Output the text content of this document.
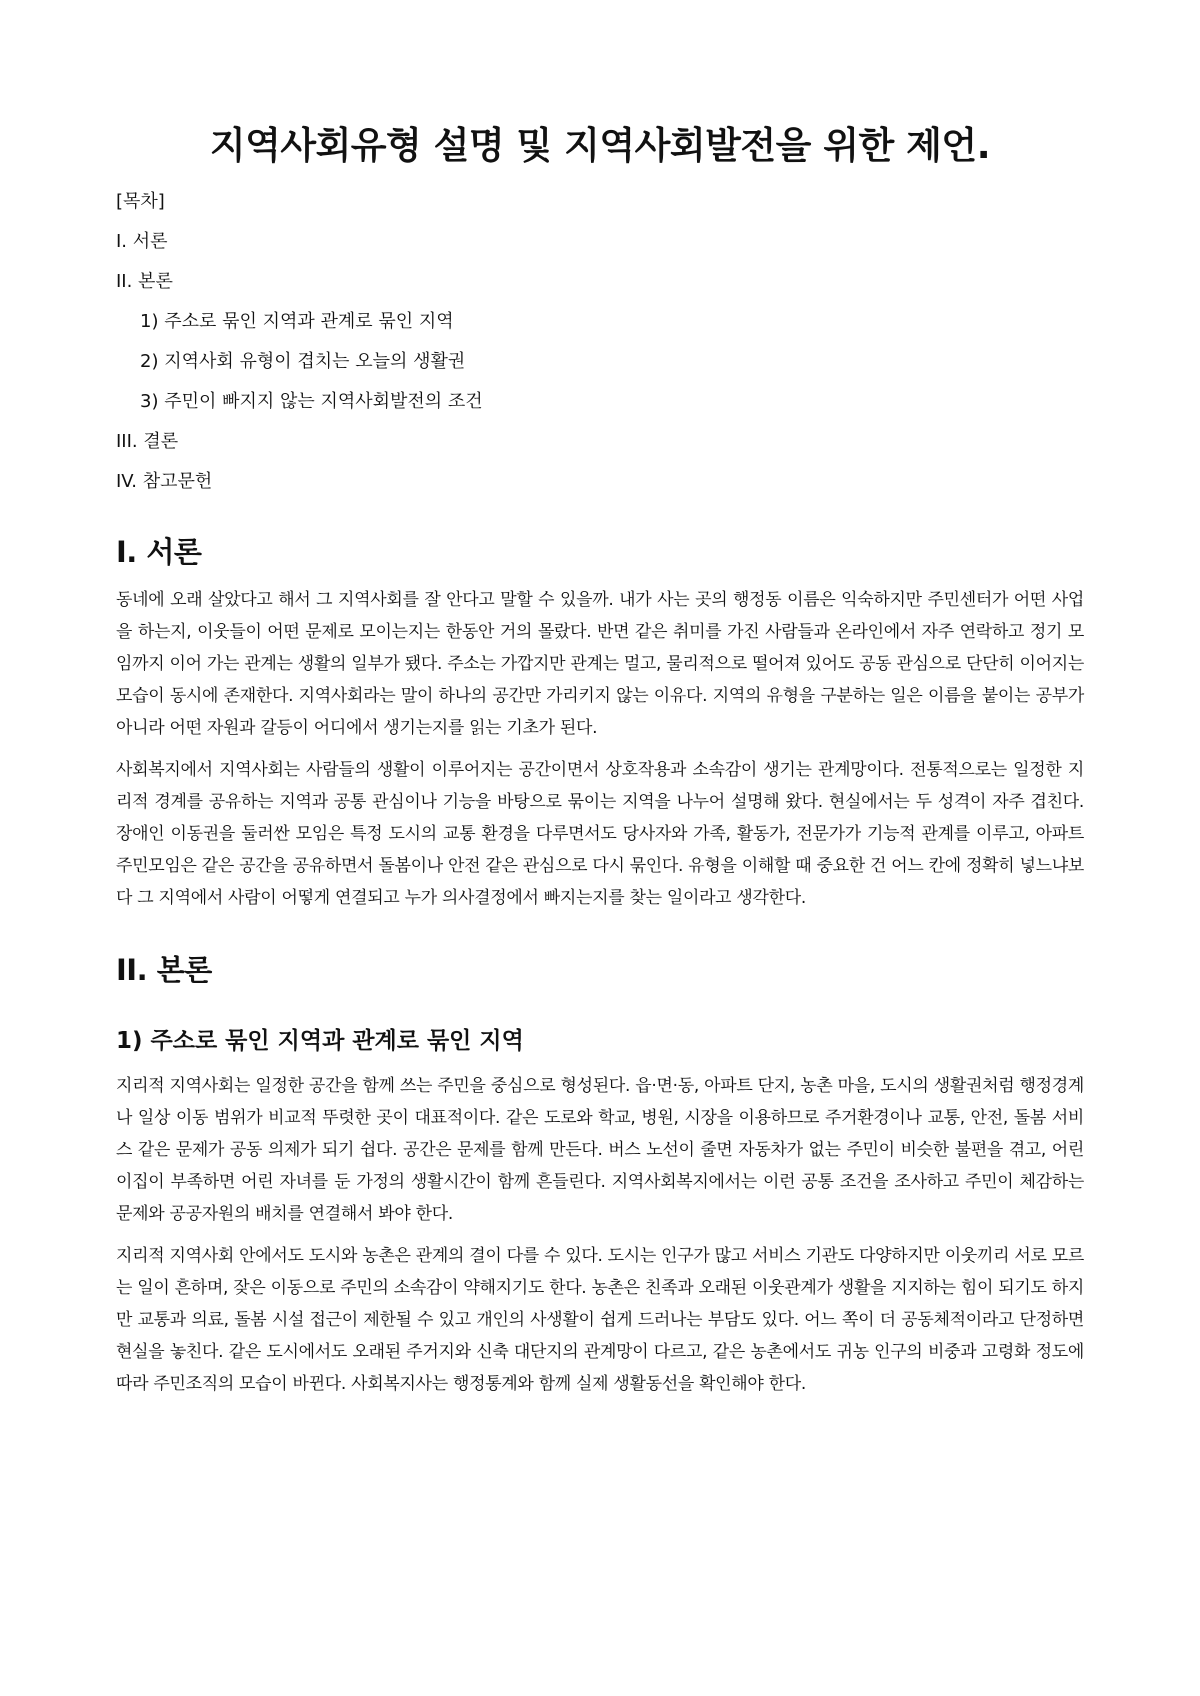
지역사회유형 설명 및 지역사회발전을 위한 제언.
[목차]
I. 서론
II. 본론
1) 주소로 묶인 지역과 관계로 묶인 지역
2) 지역사회 유형이 겹치는 오늘의 생활권
3) 주민이 빠지지 않는 지역사회발전의 조건
III. 결론
IV. 참고문헌
I. 서론

동네에 오래 살았다고 해서 그 지역사회를 잘 안다고 말할 수 있을까. 내가 사는 곳의 행정동 이름은 익숙하지만 주민센터가 어떤 사업을 하는지, 이웃들이 어떤 문제로 모이는지는 한동안 거의 몰랐다. 반면 같은 취미를 가진 사람들과 온라인에서 자주 연락하고 정기 모임까지 이어 가는 관계는 생활의 일부가 됐다. 주소는 가깝지만 관계는 멀고, 물리적으로 떨어져 있어도 공동 관심으로 단단히 이어지는 모습이 동시에 존재한다. 지역사회라는 말이 하나의 공간만 가리키지 않는 이유다. 지역의 유형을 구분하는 일은 이름을 붙이는 공부가 아니라 어떤 자원과 갈등이 어디에서 생기는지를 읽는 기초가 된다.

사회복지에서 지역사회는 사람들의 생활이 이루어지는 공간이면서 상호작용과 소속감이 생기는 관계망이다. 전통적으로는 일정한 지리적 경계를 공유하는 지역과 공통 관심이나 기능을 바탕으로 묶이는 지역을 나누어 설명해 왔다. 현실에서는 두 성격이 자주 겹친다. 장애인 이동권을 둘러싼 모임은 특정 도시의 교통 환경을 다루면서도 당사자와 가족, 활동가, 전문가가 기능적 관계를 이루고, 아파트 주민모임은 같은 공간을 공유하면서 돌봄이나 안전 같은 관심으로 다시 묶인다. 유형을 이해할 때 중요한 건 어느 칸에 정확히 넣느냐보다 그 지역에서 사람이 어떻게 연결되고 누가 의사결정에서 빠지는지를 찾는 일이라고 생각한다.

II. 본론
1) 주소로 묶인 지역과 관계로 묶인 지역

지리적 지역사회는 일정한 공간을 함께 쓰는 주민을 중심으로 형성된다. 읍·면·동, 아파트 단지, 농촌 마을, 도시의 생활권처럼 행정경계나 일상 이동 범위가 비교적 뚜렷한 곳이 대표적이다. 같은 도로와 학교, 병원, 시장을 이용하므로 주거환경이나 교통, 안전, 돌봄 서비스 같은 문제가 공동 의제가 되기 쉽다. 공간은 문제를 함께 만든다. 버스 노선이 줄면 자동차가 없는 주민이 비슷한 불편을 겪고, 어린이집이 부족하면 어린 자녀를 둔 가정의 생활시간이 함께 흔들린다. 지역사회복지에서는 이런 공통 조건을 조사하고 주민이 체감하는 문제와 공공자원의 배치를 연결해서 봐야 한다.

지리적 지역사회 안에서도 도시와 농촌은 관계의 결이 다를 수 있다. 도시는 인구가 많고 서비스 기관도 다양하지만 이웃끼리 서로 모르는 일이 흔하며, 잦은 이동으로 주민의 소속감이 약해지기도 한다. 농촌은 친족과 오래된 이웃관계가 생활을 지지하는 힘이 되기도 하지만 교통과 의료, 돌봄 시설 접근이 제한될 수 있고 개인의 사생활이 쉽게 드러나는 부담도 있다. 어느 쪽이 더 공동체적이라고 단정하면 현실을 놓친다. 같은 도시에서도 오래된 주거지와 신축 대단지의 관계망이 다르고, 같은 농촌에서도 귀농 인구의 비중과 고령화 정도에 따라 주민조직의 모습이 바뀐다. 사회복지사는 행정통계와 함께 실제 생활동선을 확인해야 한다.
